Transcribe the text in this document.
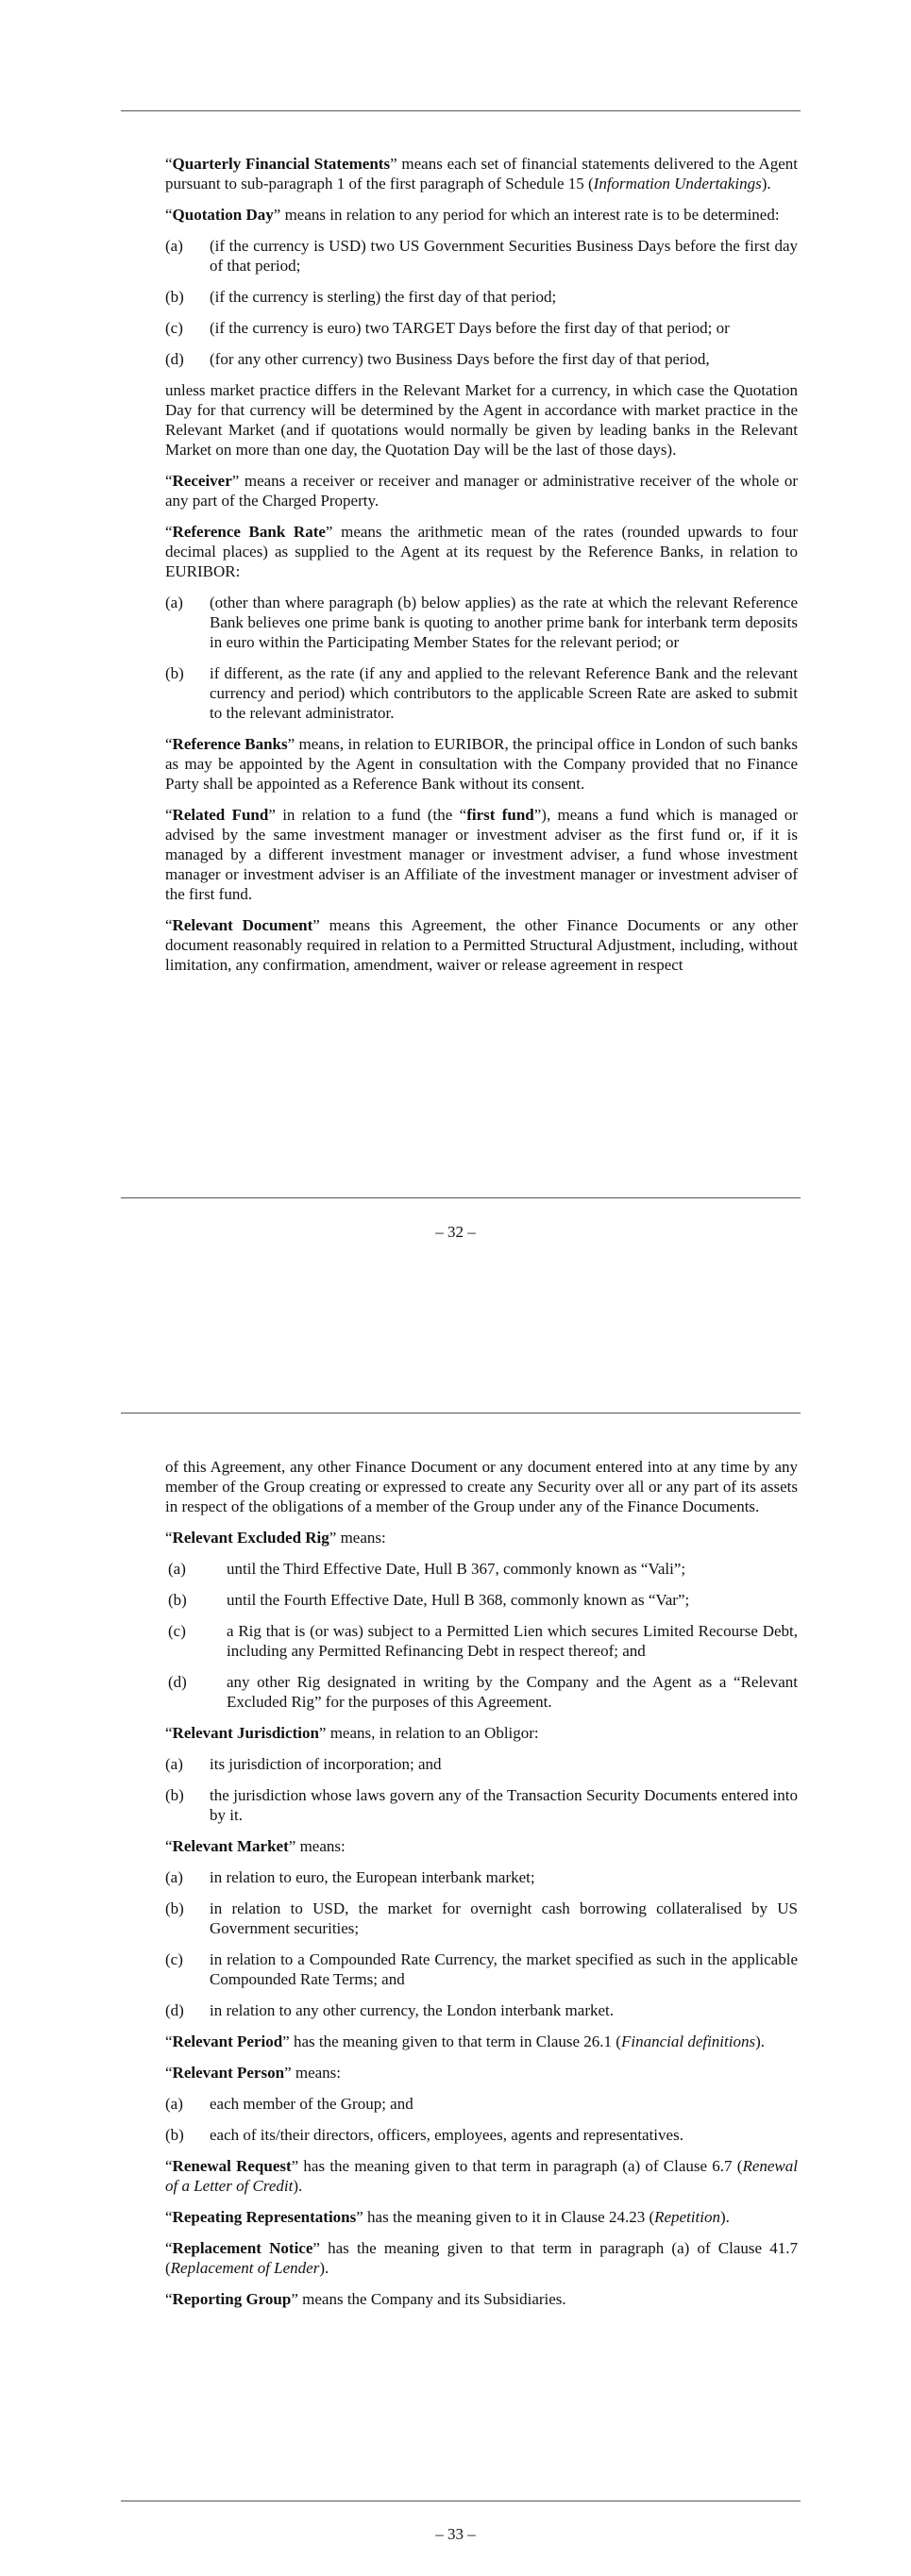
“Quarterly Financial Statements” means each set of financial statements delivered to the Agent pursuant to sub-paragraph 1 of the first paragraph of Schedule 15 (Information Undertakings).

“Quotation Day” means in relation to any period for which an interest rate is to be determined:

(a) (if the currency is USD) two US Government Securities Business Days before the first day of that period;
(b) (if the currency is sterling) the first day of that period;
(c) (if the currency is euro) two TARGET Days before the first day of that period; or
(d) (for any other currency) two Business Days before the first day of that period,

unless market practice differs in the Relevant Market for a currency, in which case the Quotation Day for that currency will be determined by the Agent in accordance with market practice in the Relevant Market (and if quotations would normally be given by leading banks in the Relevant Market on more than one day, the Quotation Day will be the last of those days).

“Receiver” means a receiver or receiver and manager or administrative receiver of the whole or any part of the Charged Property.

“Reference Bank Rate” means the arithmetic mean of the rates (rounded upwards to four decimal places) as supplied to the Agent at its request by the Reference Banks, in relation to EURIBOR:

(a) (other than where paragraph (b) below applies) as the rate at which the relevant Reference Bank believes one prime bank is quoting to another prime bank for interbank term deposits in euro within the Participating Member States for the relevant period; or
(b) if different, as the rate (if any and applied to the relevant Reference Bank and the relevant currency and period) which contributors to the applicable Screen Rate are asked to submit to the relevant administrator.

“Reference Banks” means, in relation to EURIBOR, the principal office in London of such banks as may be appointed by the Agent in consultation with the Company provided that no Finance Party shall be appointed as a Reference Bank without its consent.

“Related Fund” in relation to a fund (the “first fund”), means a fund which is managed or advised by the same investment manager or investment adviser as the first fund or, if it is managed by a different investment manager or investment adviser, a fund whose investment manager or investment adviser is an Affiliate of the investment manager or investment adviser of the first fund.

“Relevant Document” means this Agreement, the other Finance Documents or any other document reasonably required in relation to a Permitted Structural Adjustment, including, without limitation, any confirmation, amendment, waiver or release agreement in respect

– 32 –

of this Agreement, any other Finance Document or any document entered into at any time by any member of the Group creating or expressed to create any Security over all or any part of its assets in respect of the obligations of a member of the Group under any of the Finance Documents.

“Relevant Excluded Rig” means:

(a)	until the Third Effective Date, Hull B 367, commonly known as “Vali”;
(b) until the Fourth Effective Date, Hull B 368, commonly known as “Var”;
(c)	a Rig that is (or was) subject to a Permitted Lien which secures Limited Recourse Debt, including any Permitted Refinancing Debt in respect thereof; and
(d) any other Rig designated in writing by the Company and the Agent as a “Relevant Excluded Rig” for the purposes of this Agreement.

“Relevant Jurisdiction” means, in relation to an Obligor:

(a) its jurisdiction of incorporation; and
(b) the jurisdiction whose laws govern any of the Transaction Security Documents entered into by it.

“Relevant Market” means:

(a) in relation to euro, the European interbank market;
(b) in relation to USD, the market for overnight cash borrowing collateralised by US Government securities;
(c) in relation to a Compounded Rate Currency, the market specified as such in the applicable Compounded Rate Terms; and
(d) in relation to any other currency, the London interbank market.

“Relevant Period” has the meaning given to that term in Clause 26.1 (Financial definitions).

“Relevant Person” means:

(a) each member of the Group; and
(b) each of its/their directors, officers, employees, agents and representatives.

“Renewal Request” has the meaning given to that term in paragraph (a) of Clause 6.7 (Renewal of a Letter of Credit).

“Repeating Representations” has the meaning given to it in Clause 24.23 (Repetition).

“Replacement Notice” has the meaning given to that term in paragraph (a) of Clause 41.7 (Replacement of Lender).

“Reporting Group” means the Company and its Subsidiaries.

– 33 –
